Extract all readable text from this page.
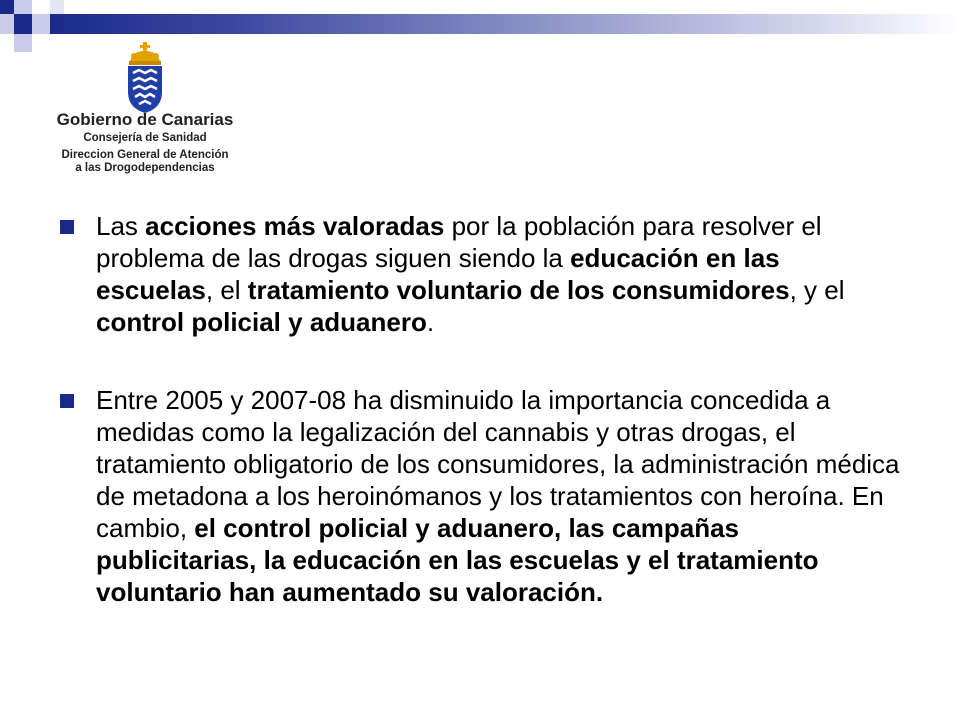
Gobierno de Canarias
Consejería de Sanidad
Direccion General de Atención
a las Drogodependencias

Las acciones más valoradas por la población para resolver el problema de las drogas siguen siendo la educación en las escuelas, el tratamiento voluntario de los consumidores, y el control policial y aduanero.

Entre 2005 y 2007-08 ha disminuido la importancia concedida a medidas como la legalización del cannabis y otras drogas, el tratamiento obligatorio de los consumidores, la administración médica de metadona a los heroinómanos y los tratamientos con heroína. En cambio, el control policial y aduanero, las campañas publicitarias, la educación en las escuelas y el tratamiento voluntario han aumentado su valoración.
